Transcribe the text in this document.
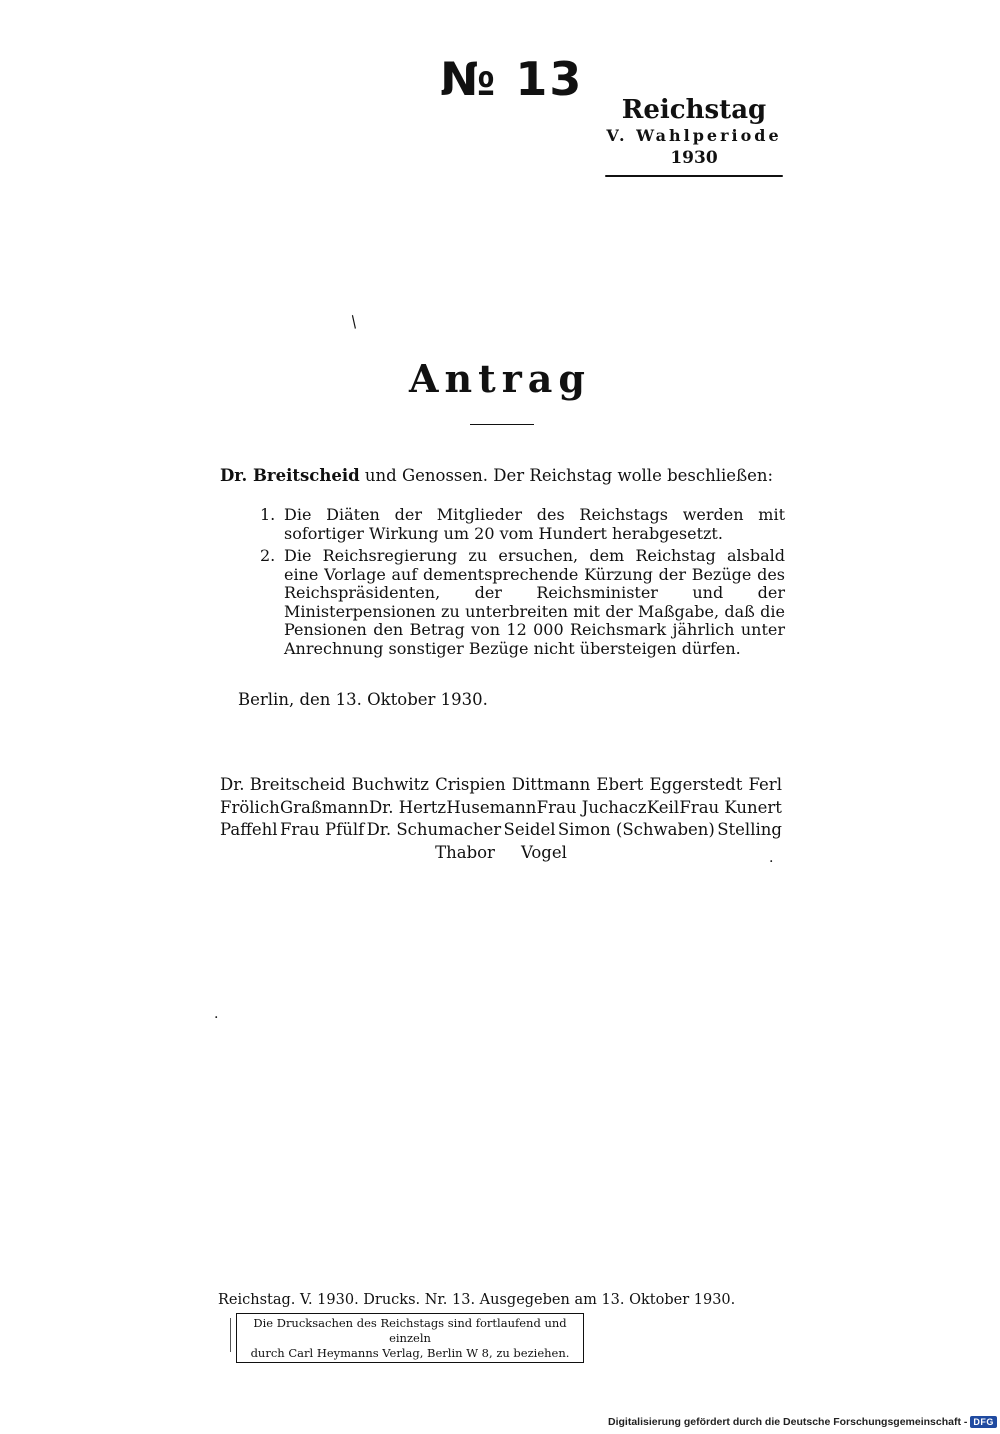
№ 13
Reichstag
V. Wahlperiode
1930
/
Antrag
Dr. Breitscheid und Genossen. Der Reichstag wolle beschließen:
1. Die Diäten der Mitglieder des Reichstags werden mit sofortiger Wirkung um 20 vom Hundert herabgesetzt.
2. Die Reichsregierung zu ersuchen, dem Reichstag alsbald eine Vorlage auf dementsprechende Kürzung der Bezüge des Reichspräsidenten, der Reichsminister und der Ministerpensionen zu unterbreiten mit der Maßgabe, daß die Pensionen den Betrag von 12 000 Reichsmark jährlich unter Anrechnung sonstiger Bezüge nicht übersteigen dürfen.
Berlin, den 13. Oktober 1930.
Dr. Breitscheid Buchwitz Crispien Dittmann Ebert Eggerstedt Ferl
Frölich Graßmann Dr. Hertz Husemann Frau Juchacz Keil Frau Kunert
Paffehl Frau Pfülf Dr. Schumacher Seidel Simon (Schwaben) Stelling
Thabor Vogel	.
.
Reichstag. V. 1930. Drucks. Nr. 13. Ausgegeben am 13. Oktober 1930.
Die Drucksachen des Reichstags sind fortlaufend und einzeln
durch Carl Heymanns Verlag, Berlin W 8, zu beziehen.
Digitalisierung gefördert durch die Deutsche Forschungsgemeinschaft - DFG
